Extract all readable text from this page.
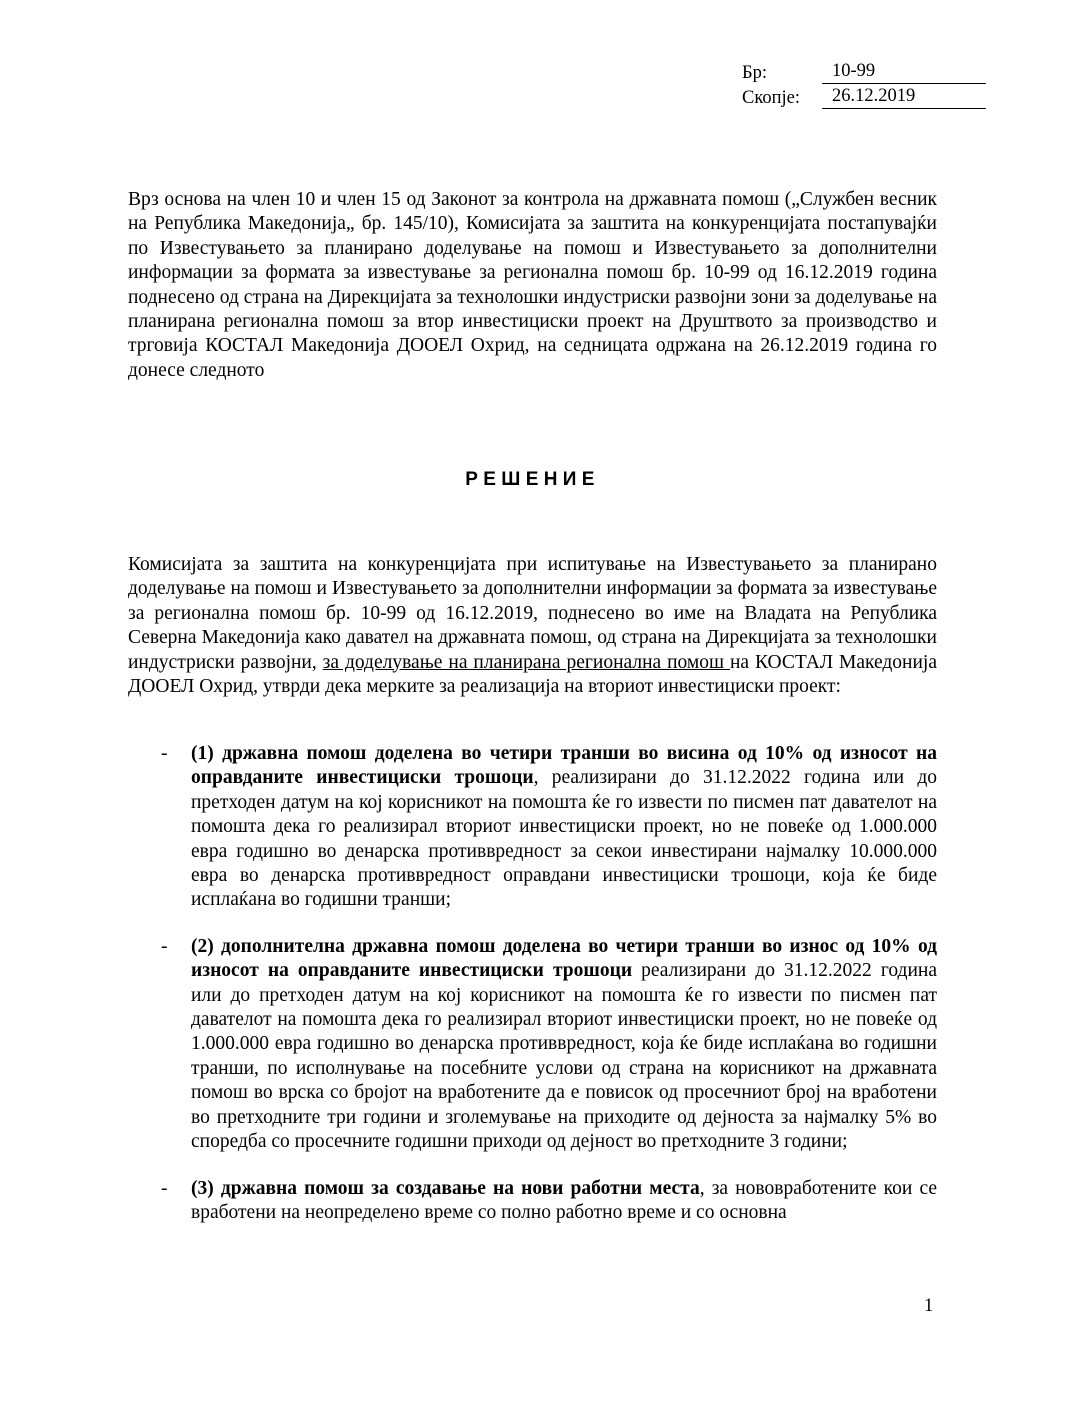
Бр:	10-99
Скопје:	26.12.2019

Врз основа на член 10 и член 15 од Законот за контрола на државната помош („Службен весник на Република Македонија„ бр. 145/10), Комисијата за заштита на конкуренцијата постапувајќи по Известувањето за планирано доделување на помош и Известувањето за дополнителни информации за формата за известување за регионална помош бр. 10-99 од 16.12.2019 година поднесено од страна на Дирекцијата за технолошки индустриски развојни зони за доделување на планирана регионална помош за втор инвестициски проект на Друштвото за производство и трговија КОСТАЛ Македонија ДООЕЛ Охрид, на седницата одржана на 26.12.2019 година го донесе следното

РЕШЕНИЕ

Комисијата за заштита на конкуренцијата при испитување на Известувањето за планирано доделување на помош и Известувањето за дополнителни информации за формата за известување за регионална помош бр. 10-99 од 16.12.2019, поднесено во име на Владата на Република Северна Македонија како давател на државната помош, од страна на Дирекцијата за технолошки индустриски развојни, за доделување на планирана регионална помош на КОСТАЛ Македонија ДООЕЛ Охрид, утврди дека мерките за реализација на вториот инвестициски проект:

- (1) државна помош доделена во четири транши во висина од 10% од износот на оправданите инвестициски трошоци, реализирани до 31.12.2022 година или до претходен датум на кој корисникот на помошта ќе го извести по писмен пат давателот на помошта дека го реализирал вториот инвестициски проект, но не повеќе од 1.000.000 евра годишно во денарска противвредност за секои инвестирани најмалку 10.000.000 евра во денарска противвредност оправдани инвестициски трошоци, која ќе биде исплаќана во годишни транши;

- (2) дополнителна државна помош доделена во четири транши во износ од 10% од износот на оправданите инвестициски трошоци реализирани до 31.12.2022 година или до претходен датум на кој корисникот на помошта ќе го извести по писмен пат давателот на помошта дека го реализирал вториот инвестициски проект, но не повеќе од 1.000.000 евра годишно во денарска противвредност, која ќе биде исплаќана во годишни транши, по исполнување на посебните услови од страна на корисникот на државната помош во врска со бројот на вработените да е повисок од просечниот број на вработени во претходните три години и зголемување на приходите од дејноста за најмалку 5% во споредба со просечните годишни приходи од дејност во претходните 3 години;

- (3) државна помош за создавање на нови работни места, за нововработените кои се вработени на неопределено време со полно работно време и со основна

1
